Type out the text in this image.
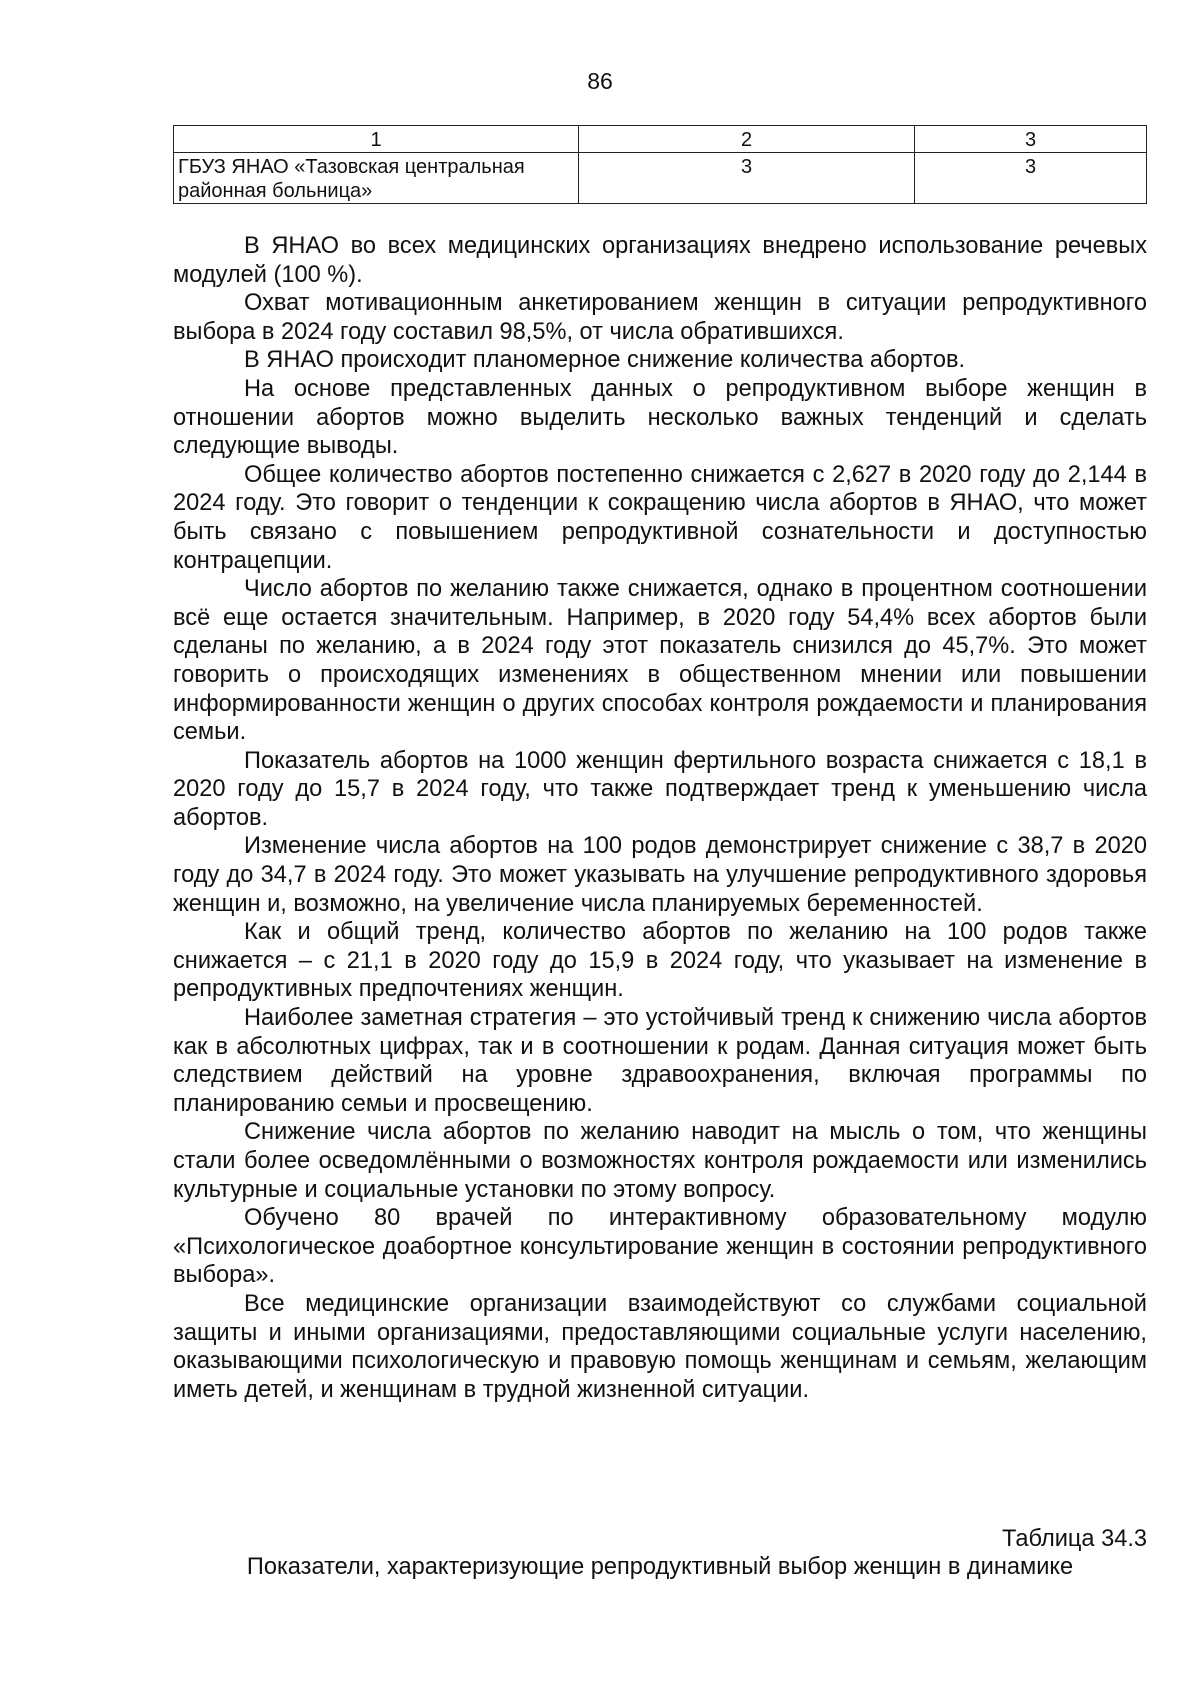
86
1	2	3
ГБУЗ ЯНАО «Тазовская центральная районная больница»	3	3

В ЯНАО во всех медицинских организациях внедрено использование речевых модулей (100 %).

Охват мотивационным анкетированием женщин в ситуации репродуктивного выбора в 2024 году составил 98,5%, от числа обратившихся.

В ЯНАО происходит планомерное снижение количества абортов.

На основе представленных данных о репродуктивном выборе женщин в отношении абортов можно выделить несколько важных тенденций и сделать следующие выводы.

Общее количество абортов постепенно снижается с 2,627 в 2020 году до 2,144 в 2024 году. Это говорит о тенденции к сокращению числа абортов в ЯНАО, что может быть связано с повышением репродуктивной сознательности и доступностью контрацепции.

Число абортов по желанию также снижается, однако в процентном соотношении всё еще остается значительным. Например, в 2020 году 54,4% всех абортов были сделаны по желанию, а в 2024 году этот показатель снизился до 45,7%. Это может говорить о происходящих изменениях в общественном мнении или повышении информированности женщин о других способах контроля рождаемости и планирования семьи.

Показатель абортов на 1000 женщин фертильного возраста снижается с 18,1 в 2020 году до 15,7 в 2024 году, что также подтверждает тренд к уменьшению числа абортов.

Изменение числа абортов на 100 родов демонстрирует снижение с 38,7 в 2020 году до 34,7 в 2024 году. Это может указывать на улучшение репродуктивного здоровья женщин и, возможно, на увеличение числа планируемых беременностей.

Как и общий тренд, количество абортов по желанию на 100 родов также снижается – с 21,1 в 2020 году до 15,9 в 2024 году, что указывает на изменение в репродуктивных предпочтениях женщин.

Наиболее заметная стратегия – это устойчивый тренд к снижению числа абортов как в абсолютных цифрах, так и в соотношении к родам. Данная ситуация может быть следствием действий на уровне здравоохранения, включая программы по планированию семьи и просвещению.

Снижение числа абортов по желанию наводит на мысль о том, что женщины стали более осведомлёнными о возможностях контроля рождаемости или изменились культурные и социальные установки по этому вопросу.

Обучено 80 врачей по интерактивному образовательному модулю «Психологическое доабортное консультирование женщин в состоянии репродуктивного выбора».

Все медицинские организации взаимодействуют со службами социальной защиты и иными организациями, предоставляющими социальные услуги населению, оказывающими психологическую и правовую помощь женщинам и семьям, желающим иметь детей, и женщинам в трудной жизненной ситуации.

Таблица 34.3
Показатели, характеризующие репродуктивный выбор женщин в динамике
